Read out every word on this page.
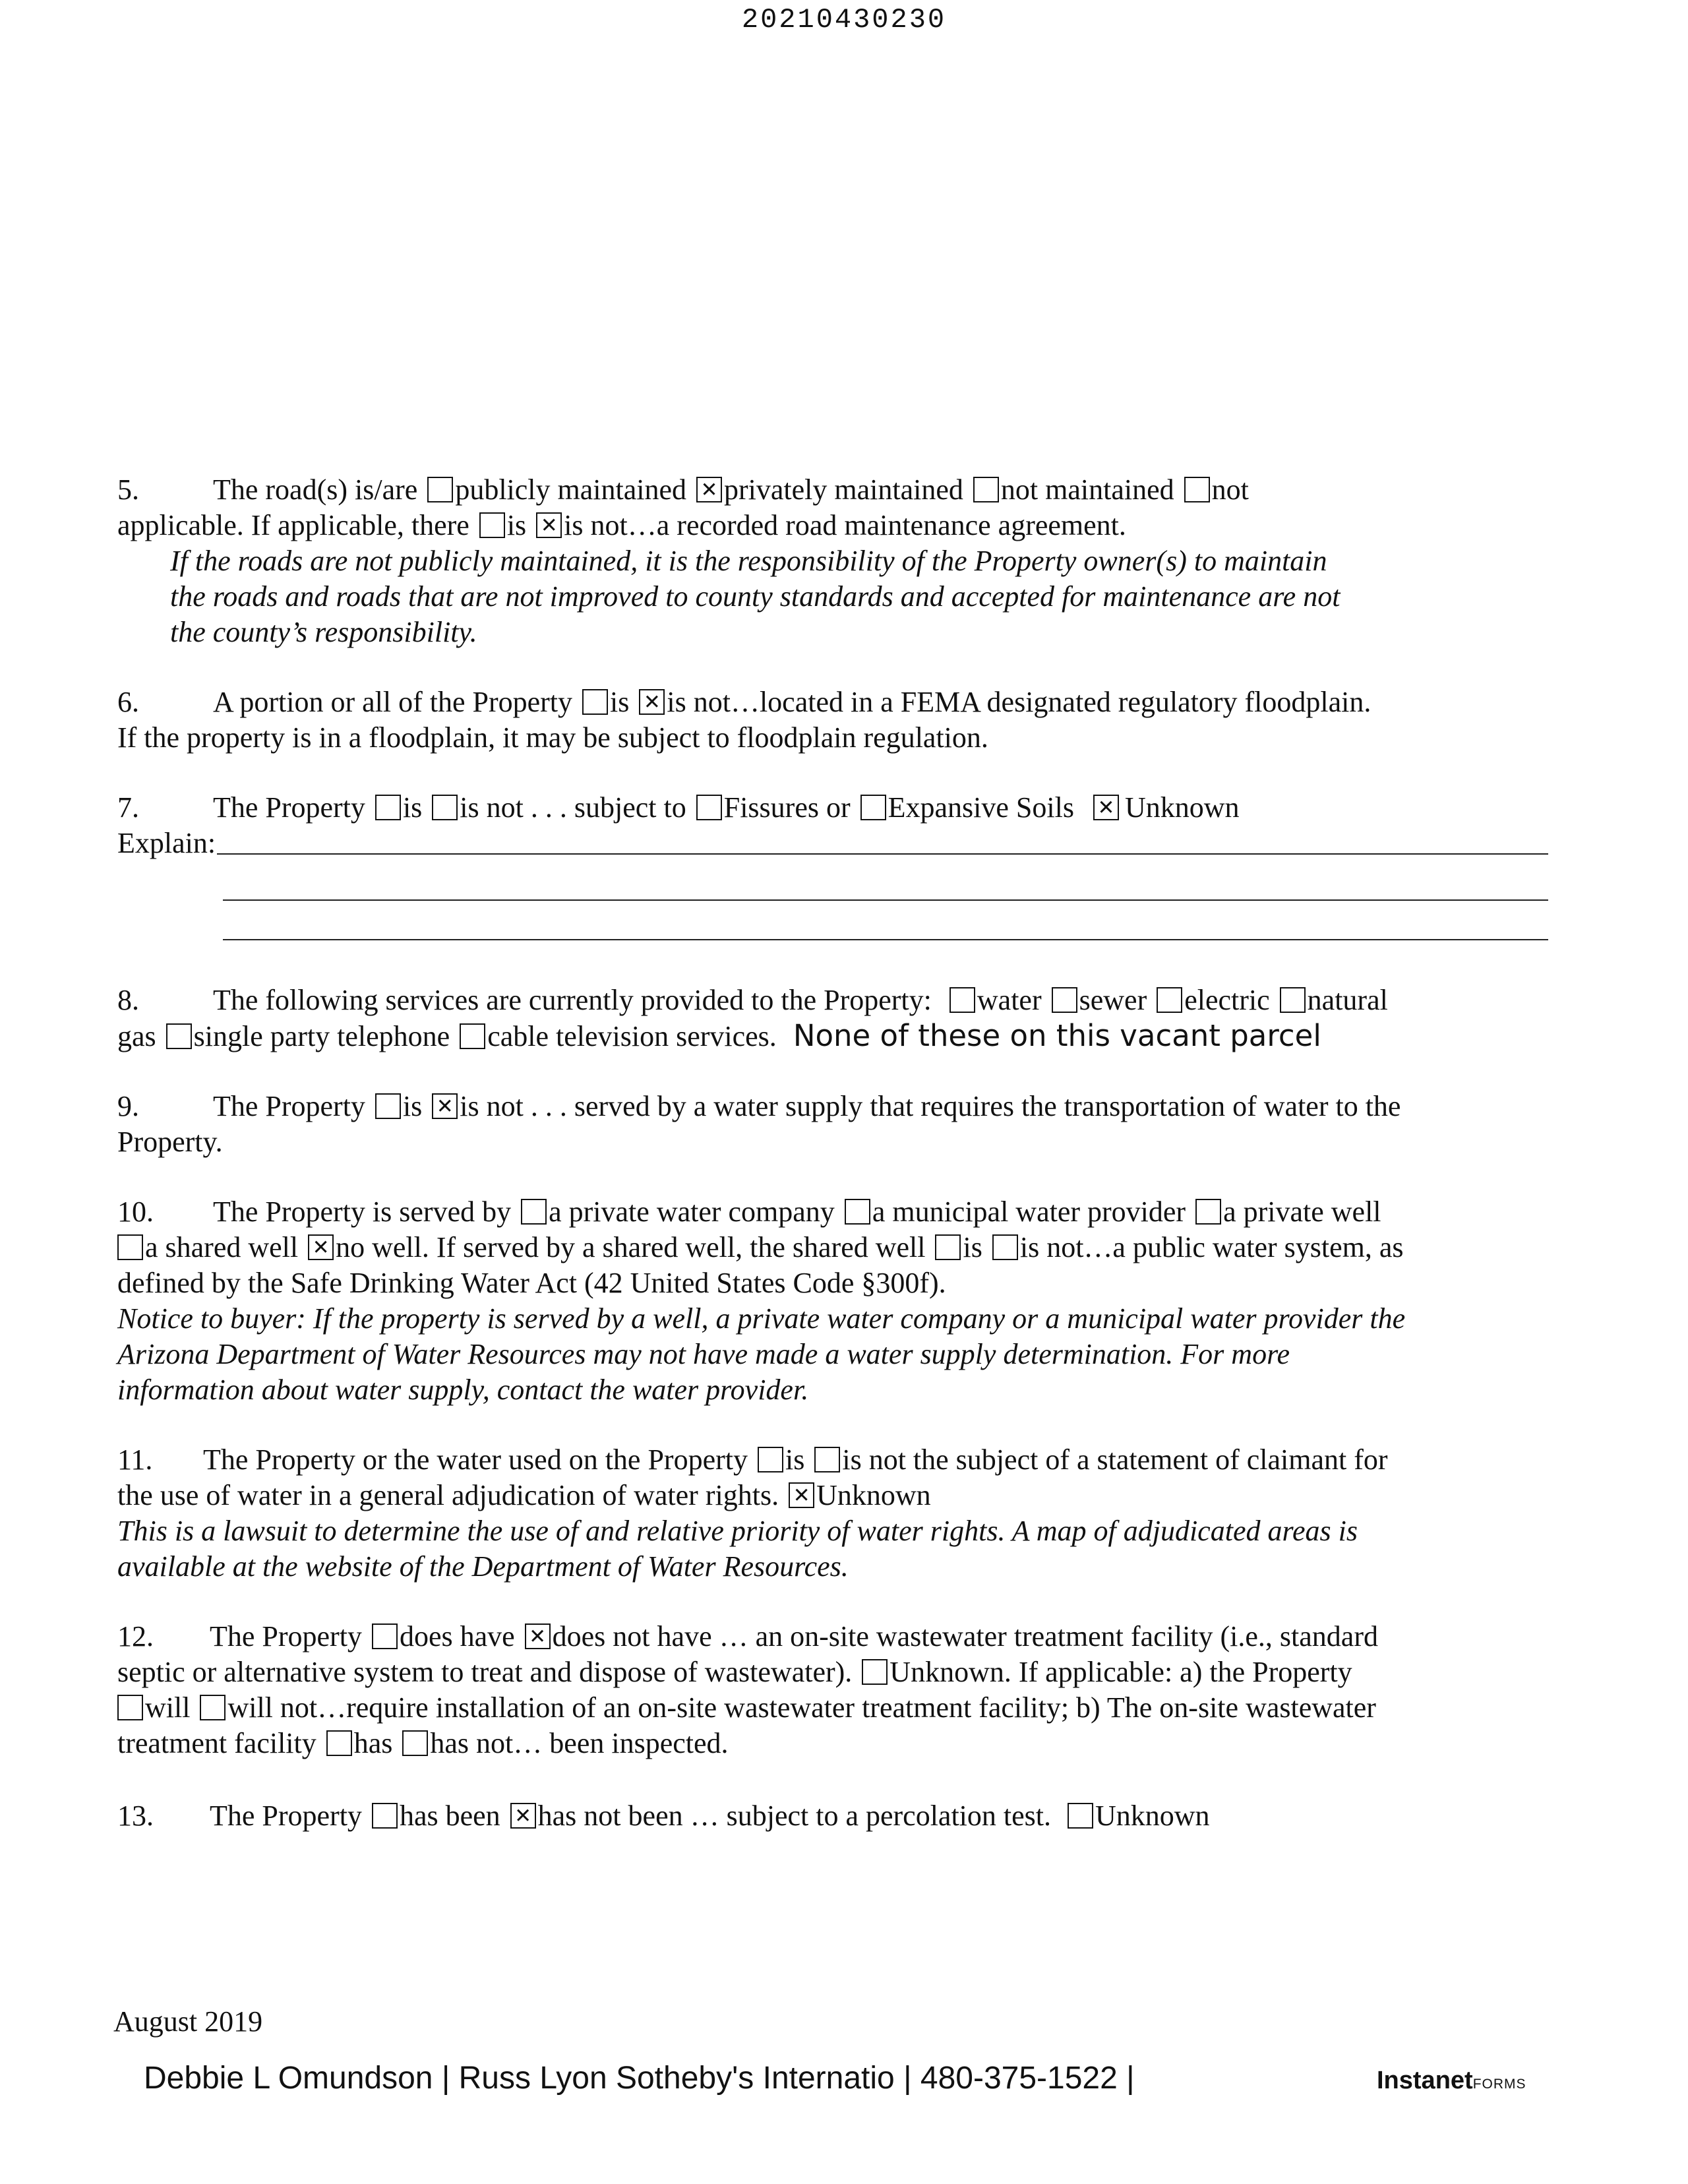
20210430230
5.	The road(s) is/are publicly maintained ✕ privately maintained not maintained not
applicable. If applicable, there is ✕ is not…a recorded road maintenance agreement.
If the roads are not publicly maintained, it is the responsibility of the Property owner(s) to maintain
the roads and roads that are not improved to county standards and accepted for maintenance are not
the county’s responsibility.
6.	A portion or all of the Property is ✕ is not…located in a FEMA designated regulatory floodplain.
If the property is in a floodplain, it may be subject to floodplain regulation.
7.	The Property is is not . . . subject to Fissures or Expansive Soils ✕ Unknown
Explain:
8.	The following services are currently provided to the Property: water sewer electric natural
gas single party telephone cable television services. None of these on this vacant parcel
9.	The Property is ✕ is not . . . served by a water supply that requires the transportation of water to the
Property.
10. The Property is served by a private water company a municipal water provider a private well
a shared well ✕ no well. If served by a shared well, the shared well is is not…a public water system, as
defined by the Safe Drinking Water Act (42 United States Code §300f).
Notice to buyer: If the property is served by a well, a private water company or a municipal water provider the
Arizona Department of Water Resources may not have made a water supply determination. For more
information about water supply, contact the water provider.
11. The Property or the water used on the Property is is not the subject of a statement of claimant for
the use of water in a general adjudication of water rights. ✕ Unknown
This is a lawsuit to determine the use of and relative priority of water rights. A map of adjudicated areas is
available at the website of the Department of Water Resources.
12. The Property does have ✕ does not have … an on-site wastewater treatment facility (i.e., standard
septic or alternative system to treat and dispose of wastewater). Unknown. If applicable: a) the Property
will will not…require installation of an on-site wastewater treatment facility; b) The on-site wastewater
treatment facility has has not… been inspected.
13. The Property has been ✕ has not been … subject to a percolation test. Unknown
August 2019
Debbie L Omundson | Russ Lyon Sotheby's Internatio | 480-375-1522 |	InstanetFORMS
